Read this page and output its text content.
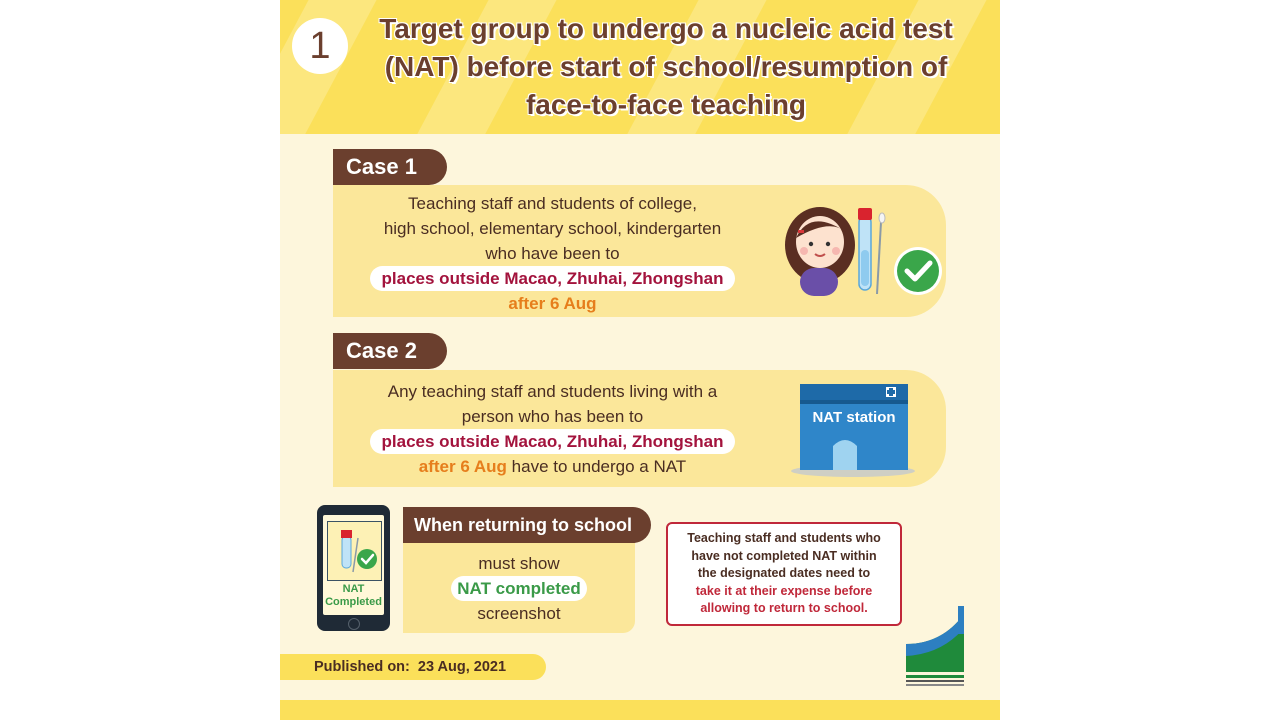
1	Target group to undergo a nucleic acid test
(NAT) before start of school/resumption of
face-to-face teaching
Case 1
Teaching staff and students of college,
high school, elementary school, kindergarten
who have been to
places outside Macao, Zhuhai, Zhongshan
after 6 Aug
Case 2
Any teaching staff and students living with a
person who has been to
places outside Macao, Zhuhai, Zhongshan
after 6 Aug have to undergo a NAT
NAT station
NAT
Completed
must show
NAT completed
screenshot
When returning to school
Teaching staff and students who
have not completed NAT within
the designated dates need to
take it at their expense before
allowing to return to school.
Published on: 23 Aug, 2021
